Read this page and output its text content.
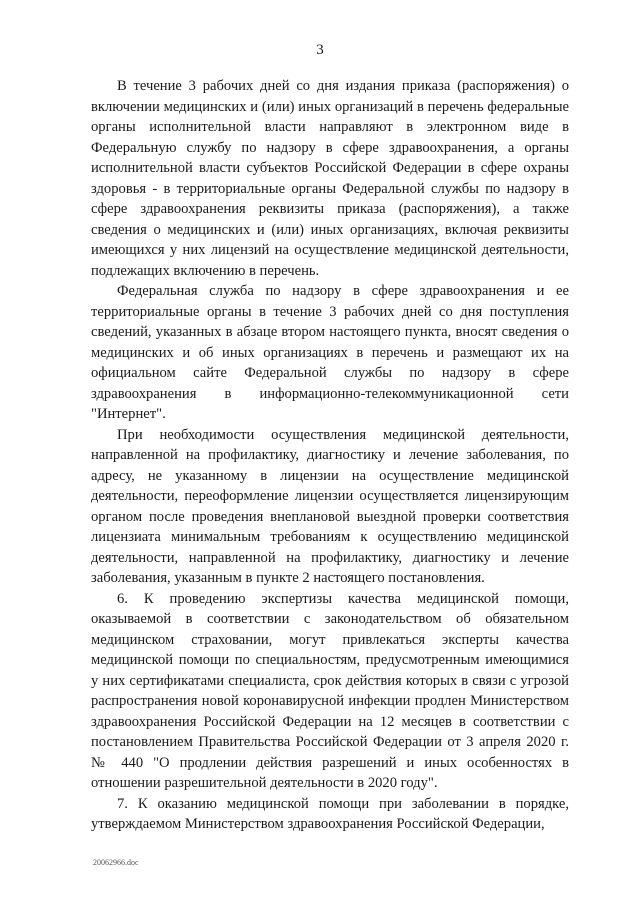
3

В течение 3 рабочих дней со дня издания приказа (распоряжения) о включении медицинских и (или) иных организаций в перечень федеральные органы исполнительной власти направляют в электронном виде в Федеральную службу по надзору в сфере здравоохранения, а органы исполнительной власти субъектов Российской Федерации в сфере охраны здоровья - в территориальные органы Федеральной службы по надзору в сфере здравоохранения реквизиты приказа (распоряжения), а также сведения о медицинских и (или) иных организациях, включая реквизиты имеющихся у них лицензий на осуществление медицинской деятельности, подлежащих включению в перечень.

Федеральная служба по надзору в сфере здравоохранения и ее территориальные органы в течение 3 рабочих дней со дня поступления сведений, указанных в абзаце втором настоящего пункта, вносят сведения о медицинских и об иных организациях в перечень и размещают их на официальном сайте Федеральной службы по надзору в сфере здравоохранения в информационно-телекоммуникационной сети "Интернет".

При необходимости осуществления медицинской деятельности, направленной на профилактику, диагностику и лечение заболевания, по адресу, не указанному в лицензии на осуществление медицинской деятельности, переоформление лицензии осуществляется лицензирующим органом после проведения внеплановой выездной проверки соответствия лицензиата минимальным требованиям к осуществлению медицинской деятельности, направленной на профилактику, диагностику и лечение заболевания, указанным в пункте 2 настоящего постановления.

6. К проведению экспертизы качества медицинской помощи, оказываемой в соответствии с законодательством об обязательном медицинском страховании, могут привлекаться эксперты качества медицинской помощи по специальностям, предусмотренным имеющимися у них сертификатами специалиста, срок действия которых в связи с угрозой распространения новой коронавирусной инфекции продлен Министерством здравоохранения Российской Федерации на 12 месяцев в соответствии с постановлением Правительства Российской Федерации от 3 апреля 2020 г. № 440 "О продлении действия разрешений и иных особенностях в отношении разрешительной деятельности в 2020 году".

7. К оказанию медицинской помощи при заболевании в порядке, утверждаемом Министерством здравоохранения Российской Федерации,

20062966.doc
